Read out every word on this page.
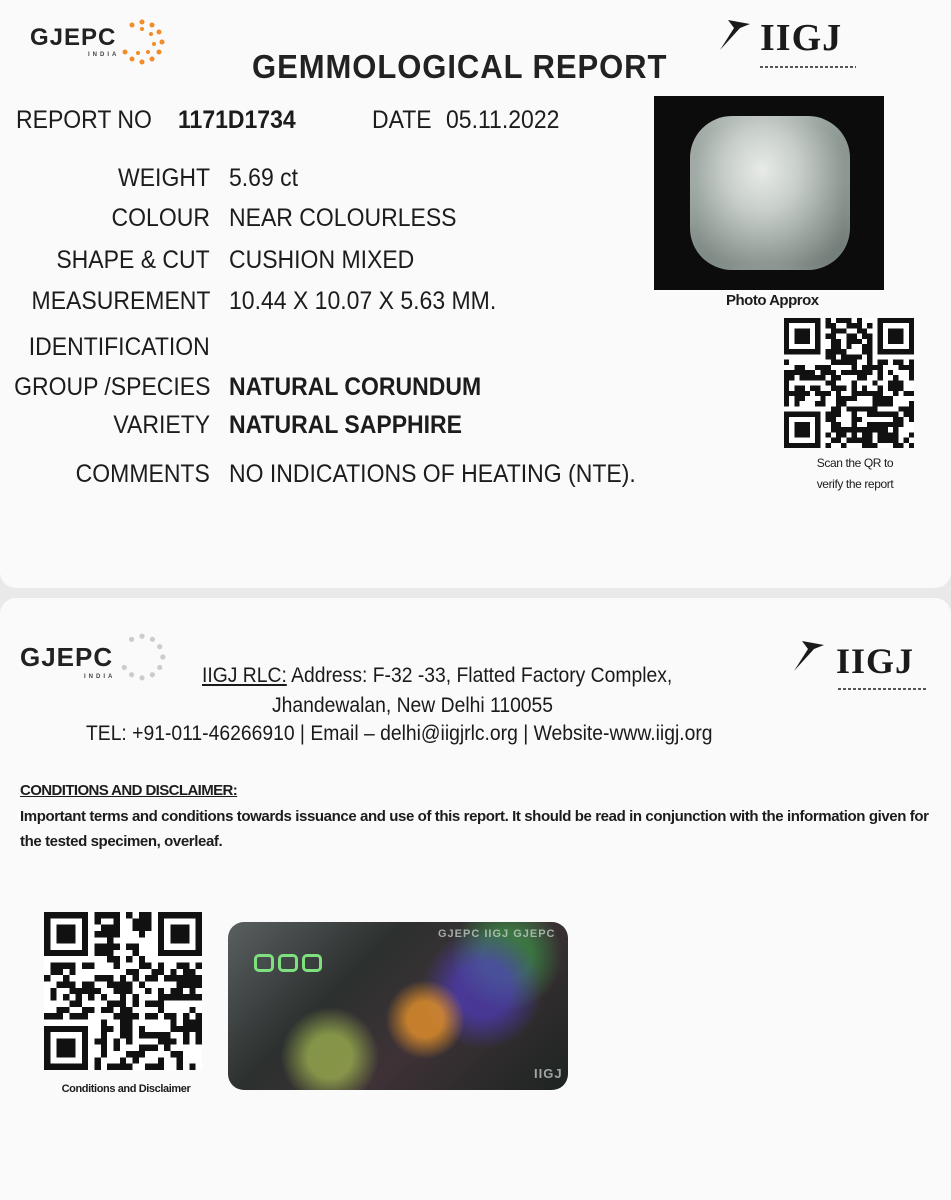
GJEPC
INDIA	IIGJ
GEMMOLOGICAL REPORT
REPORT NO 1171D1734	DATE 05.11.2022
WEIGHT 5.69 ct
COLOUR NEAR COLOURLESS
SHAPE & CUT CUSHION MIXED
MEASUREMENT 10.44 X 10.07 X 5.63 MM.
IDENTIFICATION
GROUP /SPECIES NATURAL CORUNDUM
VARIETY NATURAL SAPPHIRE
COMMENTS NO INDICATIONS OF HEATING (NTE).
Photo Approx
Scan the QR to
verify the report
GJEPC
INDIA	IIGJ
IIGJ RLC: Address: F-32 -33, Flatted Factory Complex,
Jhandewalan, New Delhi 110055
TEL: +91-011-46266910 | Email – delhi@iigjrlc.org | Website-www.iigj.org
CONDITIONS AND DISCLAIMER:
Important terms and conditions towards issuance and use of this report. It should be read in conjunction with the information given for the tested specimen, overleaf.
Conditions and Disclaimer
GJEPC IIGJ GJEPC
IIGJ
